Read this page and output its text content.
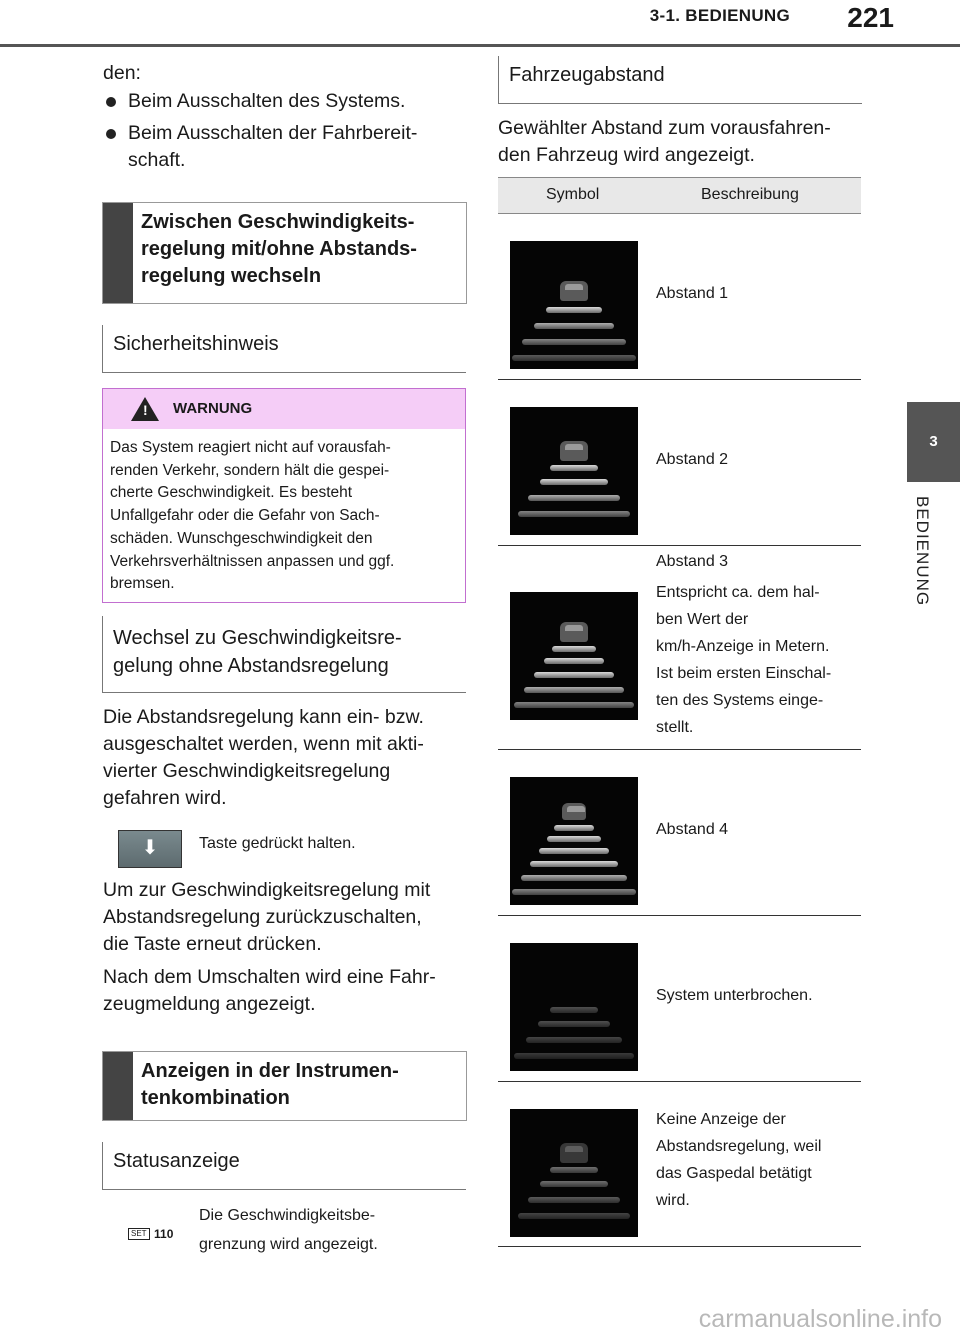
3-1. BEDIENUNG 221
3
BEDIENUNG

den:

Beim Ausschalten des Systems.
Beim Ausschalten der Fahrbereit-
schaft.
Zwischen Geschwindigkeits-
regelung mit/ohne Abstands-
regelung wechseln
Sicherheitshinweis
! WARNUNG
Das System reagiert nicht auf vorausfah-
renden Verkehr, sondern hält die gespei-
cherte Geschwindigkeit. Es besteht
Unfallgefahr oder die Gefahr von Sach-
schäden. Wunschgeschwindigkeit den
Verkehrsverhältnissen anpassen und ggf.
bremsen.
Wechsel zu Geschwindigkeitsre-
gelung ohne Abstandsregelung

Die Abstandsregelung kann ein- bzw.

ausgeschaltet werden, wenn mit akti-

vierter Geschwindigkeitsregelung

gefahren wird.

⬇	Taste gedrückt halten.

Um zur Geschwindigkeitsregelung mit

Abstandsregelung zurückzuschalten,

die Taste erneut drücken.

Nach dem Umschalten wird eine Fahr-

zeugmeldung angezeigt.

Anzeigen in der Instrumen-
tenkombination
Statusanzeige
SET 110
Die Geschwindigkeitsbe-
grenzung wird angezeigt.
Fahrzeugabstand

Gewählter Abstand zum vorausfahren-

den Fahrzeug wird angezeigt.

Symbol	Beschreibung
Abstand 1
Abstand 2
Abstand 3
Entspricht ca. dem hal-
ben Wert der
km/h-Anzeige in Metern.
Ist beim ersten Einschal-
ten des Systems einge-
stellt.
Abstand 4
System unterbrochen.
Keine Anzeige der
Abstandsregelung, weil
das Gaspedal betätigt
wird.
carmanualsonline.info
